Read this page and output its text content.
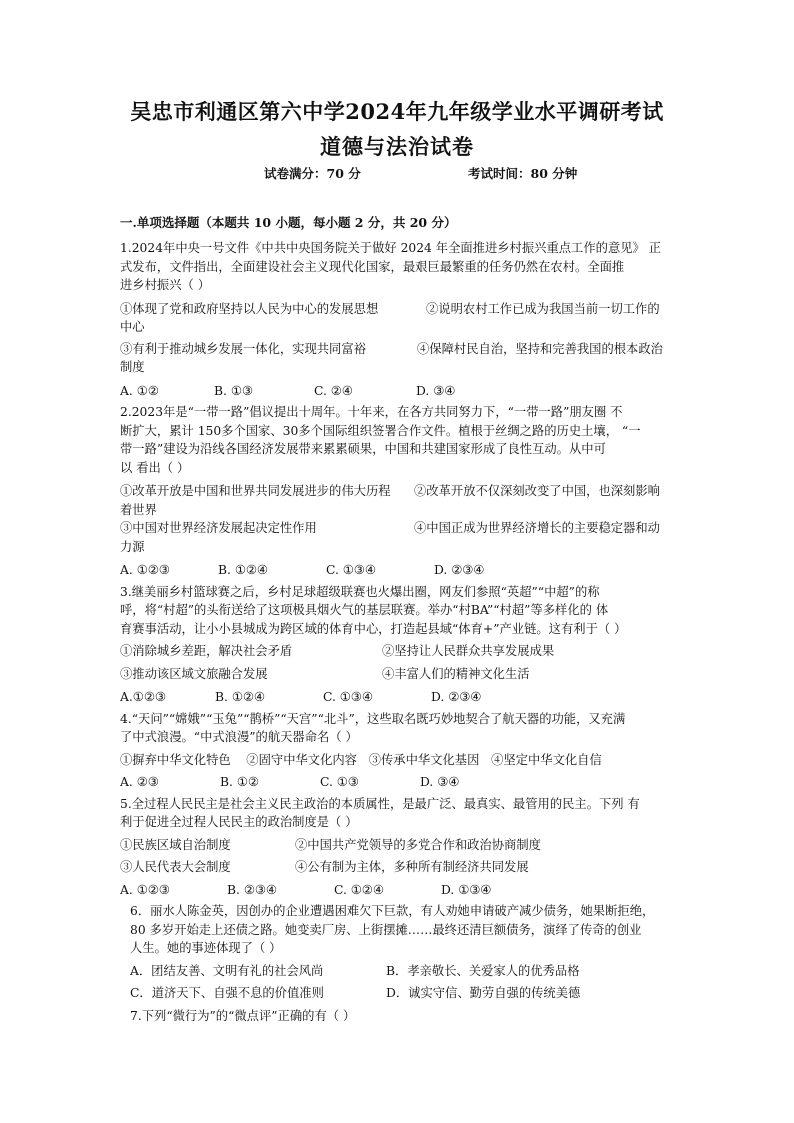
吴忠市利通区第六中学2024年九年级学业水平调研考试
道德与法治试卷
试卷满分：70 分	考试时间：80 分钟
一.单项选择题（本题共 10 小题，每小题 2 分，共 20 分）
1.2024年中央一号文件《中共中央国务院关于做好 2024 年全面推进乡村振兴重点工作的意见》 正
式发布，文件指出，全面建设社会主义现代化国家，最艰巨最繁重的任务仍然在农村。全面推
进乡村振兴（ ）
①体现了党和政府坚持以人民为中心的发展思想	②说明农村工作已成为我国当前一切工作的
中心
③有利于推动城乡发展一体化，实现共同富裕	④保障村民自治，坚持和完善我国的根本政治
制度
A. ①②	B. ①③	C. ②④	D. ③④
2.2023年是“一带一路”倡议提出十周年。十年来，在各方共同努力下，“一带一路”朋友圈 不
断扩大，累计 150多个国家、30多个国际组织签署合作文件。植根于丝绸之路的历史土壤， “一
带一路”建设为沿线各国经济发展带来累累硕果，中国和共建国家形成了良性互动。从中可
以 看出（ ）
①改革开放是中国和世界共同发展进步的伟大历程	②改革开放不仅深刻改变了中国，也深刻影响
着世界
③中国对世界经济发展起决定性作用	④中国正成为世界经济增长的主要稳定器和动
力源
A. ①②③	B. ①②④	C. ①③④	D. ②③④
3.继美丽乡村篮球赛之后，乡村足球超级联赛也火爆出圈，网友们参照“英超”“中超”的称
呼，将“村超”的头衔送给了这项极具烟火气的基层联赛。举办“村BA”“村超”等多样化的 体
育赛事活动，让小小县城成为跨区域的体育中心，打造起县域“体育+”产业链。这有利于（ ）
①消除城乡差距，解决社会矛盾	②坚持让人民群众共享发展成果
③推动该区域文旅融合发展	④丰富人们的精神文化生活
A.①②③	B. ①②④	C. ①③④	D. ②③④
4.“天问”“嫦娥”“玉兔”“鹊桥”“天宫”“北斗”，这些取名既巧妙地契合了航天器的功能，又充满
了中式浪漫。“中式浪漫”的航天器命名（ ）
①摒弃中华文化特色    ②固守中华文化内容   ③传承中华文化基因   ④坚定中华文化自信
A. ②③	B. ①②	C. ①③	D. ③④
5.全过程人民民主是社会主义民主政治的本质属性，是最广泛、最真实、最管用的民主。下列 有
利于促进全过程人民民主的政治制度是（ ）
①民族区域自治制度	②中国共产党领导的多党合作和政治协商制度
③人民代表大会制度	④公有制为主体，多种所有制经济共同发展
A. ①②③	B. ②③④	C. ①②④	D. ①③④
6．丽水人陈金英，因创办的企业遭遇困难欠下巨款，有人劝她申请破产减少债务，她果断拒绝，
80 多岁开始走上还债之路。她变卖厂房、上街摆摊……最终还清巨额债务，演绎了传奇的创业
人生。她的事迹体现了（ ）
A．团结友善、文明有礼的社会风尚	B．孝亲敬长、关爱家人的优秀品格
C．道济天下、自强不息的价值准则	D．诚实守信、勤劳自强的传统美德
7.下列“微行为”的“微点评”正确的有（ ）
